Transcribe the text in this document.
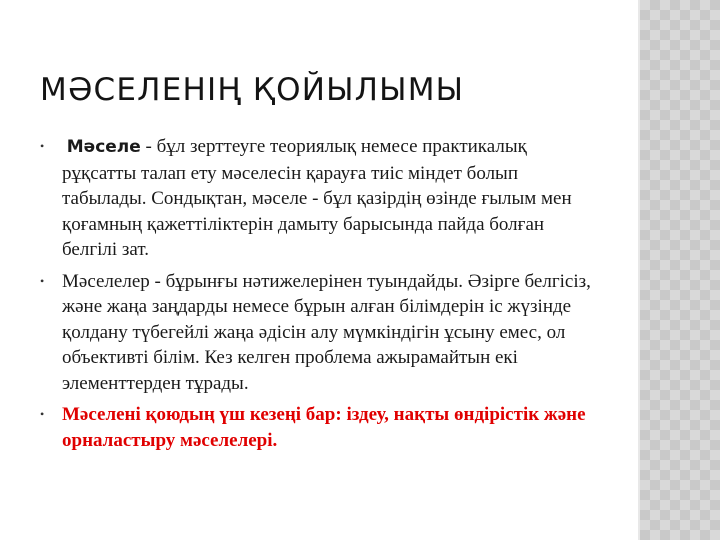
МӘСЕЛЕНІҢ ҚОЙЫЛЫМЫ
• Мәселе - бұл зерттеуге теориялық немесе практикалық рұқсатты талап ету мәселесін қарауға тиіс міндет болып табылады. Сондықтан, мәселе - бұл қазірдің өзінде ғылым мен қоғамның қажеттіліктерін дамыту барысында пайда болған белгілі зат.
• Мәселелер - бұрынғы нәтижелерінен туындайды. Әзірге белгісіз, және жаңа заңдарды немесе бұрын алған білімдерін іс жүзінде қолдану түбегейлі жаңа әдісін алу мүмкіндігін ұсыну емес, ол объективті білім. Кез келген проблема ажырамайтын екі элементтерден тұрады.
• Мәселені қоюдың үш кезеңі бар: іздеу, нақты өндірістік және орналастыру мәселелері.
